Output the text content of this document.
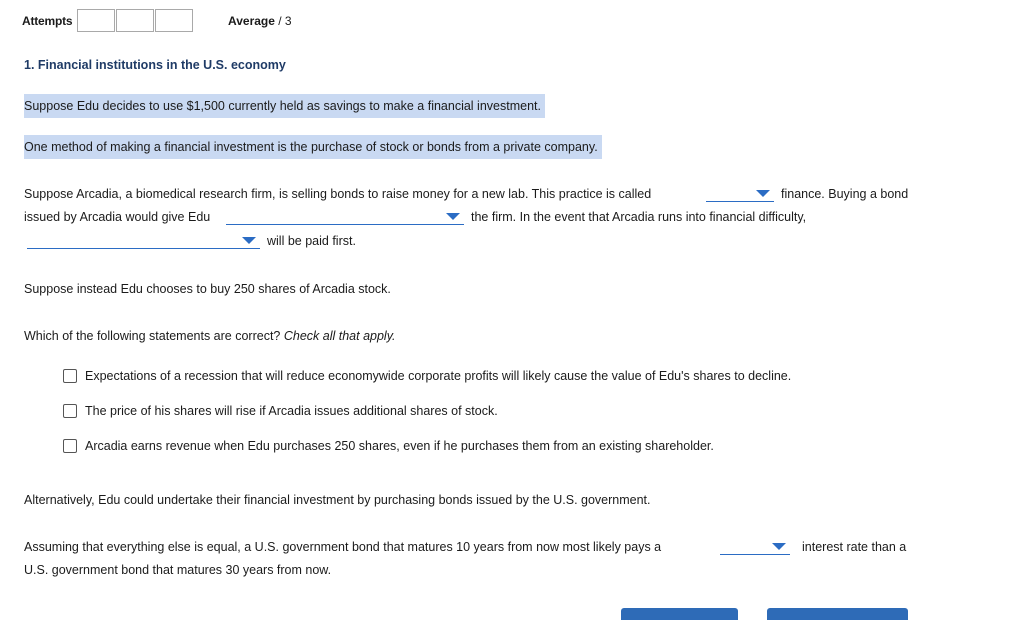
Attempts	Average / 3
1. Financial institutions in the U.S. economy
Suppose Edu decides to use $1,500 currently held as savings to make a financial investment.
One method of making a financial investment is the purchase of stock or bonds from a private company.
Suppose Arcadia, a biomedical research firm, is selling bonds to raise money for a new lab. This practice is called	finance. Buying a bond
issued by Arcadia would give Edu	the firm. In the event that Arcadia runs into financial difficulty,
will be paid first.
Suppose instead Edu chooses to buy 250 shares of Arcadia stock.
Which of the following statements are correct? Check all that apply.
Expectations of a recession that will reduce economywide corporate profits will likely cause the value of Edu's shares to decline.
The price of his shares will rise if Arcadia issues additional shares of stock.
Arcadia earns revenue when Edu purchases 250 shares, even if he purchases them from an existing shareholder.
Alternatively, Edu could undertake their financial investment by purchasing bonds issued by the U.S. government.
Assuming that everything else is equal, a U.S. government bond that matures 10 years from now most likely pays a	interest rate than a
U.S. government bond that matures 30 years from now.
